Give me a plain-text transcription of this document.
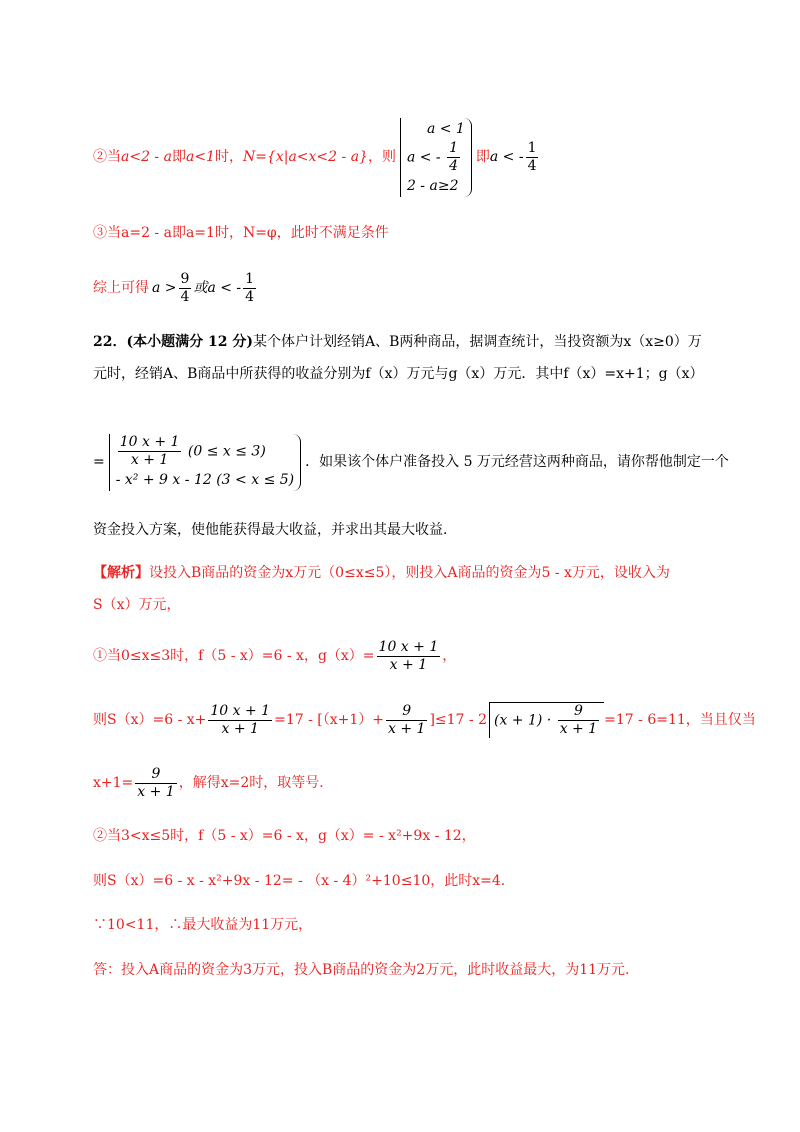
②当a<2 - a即a<1时，N={x|a<x<2 - a}，则
a < 1
a < - $\frac{1}{4}$
2 - a≥2
即 a < - $\frac{1}{4}$
③当a=2 - a即a=1时，N=φ，此时不满足条件
综上可得 $a > \frac{9}{4}$ 或a < - $\frac{1}{4}$
22．(本小题满分 12 分)某个体户计划经销A、B两种商品，据调查统计，当投资额为x（x≥0）万
元时，经销A、B商品中所获得的收益分别为f（x）万元与g（x）万元．其中f（x）=x+1；g（x）
= $\frac{10 x + 1}{x + 1} (0 \le x \le 3)$
- x² + 9 x - 12 (3 < x ≤ 5)
．如果该个体户准备投入 5 万元经营这两种商品，请你帮他制定一个
资金投入方案，使他能获得最大收益，并求出其最大收益.
【解析】设投入B商品的资金为x万元（0≤x≤5），则投入A商品的资金为5 - x万元，设收入为
S（x）万元，
①当0≤x≤3时，f（5 - x）=6 - x，$g(x)= \frac{10 x + 1}{x + 1}$ ，
则$S(x)=6 - x+ \frac{10 x + 1}{x + 1} =17 - [(x+1)+ \frac{9}{x + 1} ]\le 17 - 2$ $(x + 1) \cdot \frac{9}{x + 1} =17 - 6=11$，当且仅当
$x+1= \frac{9}{x + 1}$ ，解得x=2时，取等号.
②当3<x≤5时，f（5 - x）=6 - x，g（x）= - x²+9x - 12，
则S（x）=6 - x - x²+9x - 12= - （x - 4）²+10≤10，此时x=4.
∵10<11，∴最大收益为11万元，
答：投入A商品的资金为3万元，投入B商品的资金为2万元，此时收益最大，为11万元.
